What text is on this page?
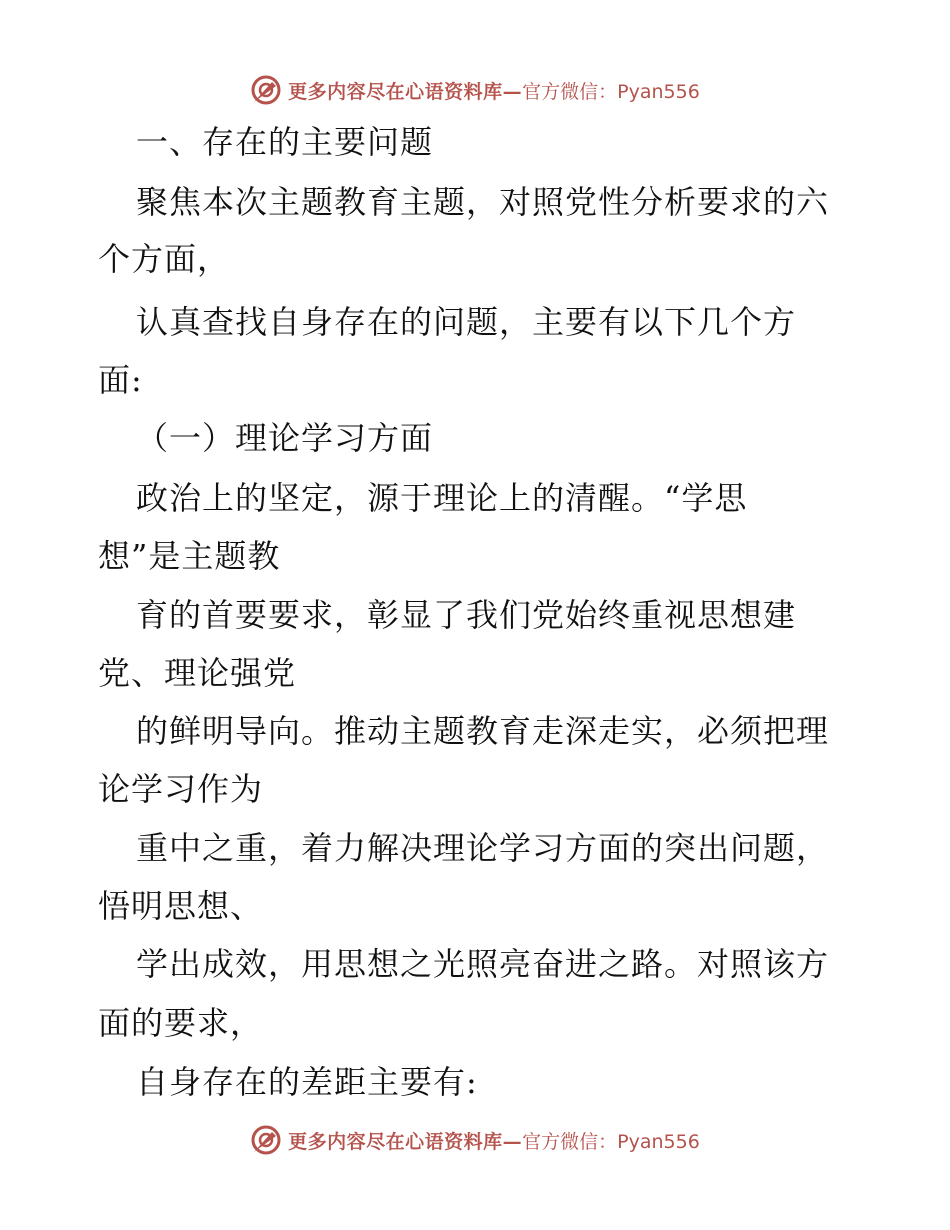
更多内容尽在心语资料库— 官方微信：Pyan556
一、存在的主要问题
聚焦本次主题教育主题，对照党性分析要求的六
个方面，
认真查找自身存在的问题，主要有以下几个方
面:
（一）理论学习方面
政治上的坚定，源于理论上的清醒。“学思
想”是主题教
育的首要要求，彰显了我们党始终重视思想建
党、理论强党
的鲜明导向。推动主题教育走深走实，必须把理
论学习作为
重中之重，着力解决理论学习方面的突出问题，
悟明思想、
学出成效，用思想之光照亮奋进之路。对照该方
面的要求，
自身存在的差距主要有:
更多内容尽在心语资料库— 官方微信：Pyan556
